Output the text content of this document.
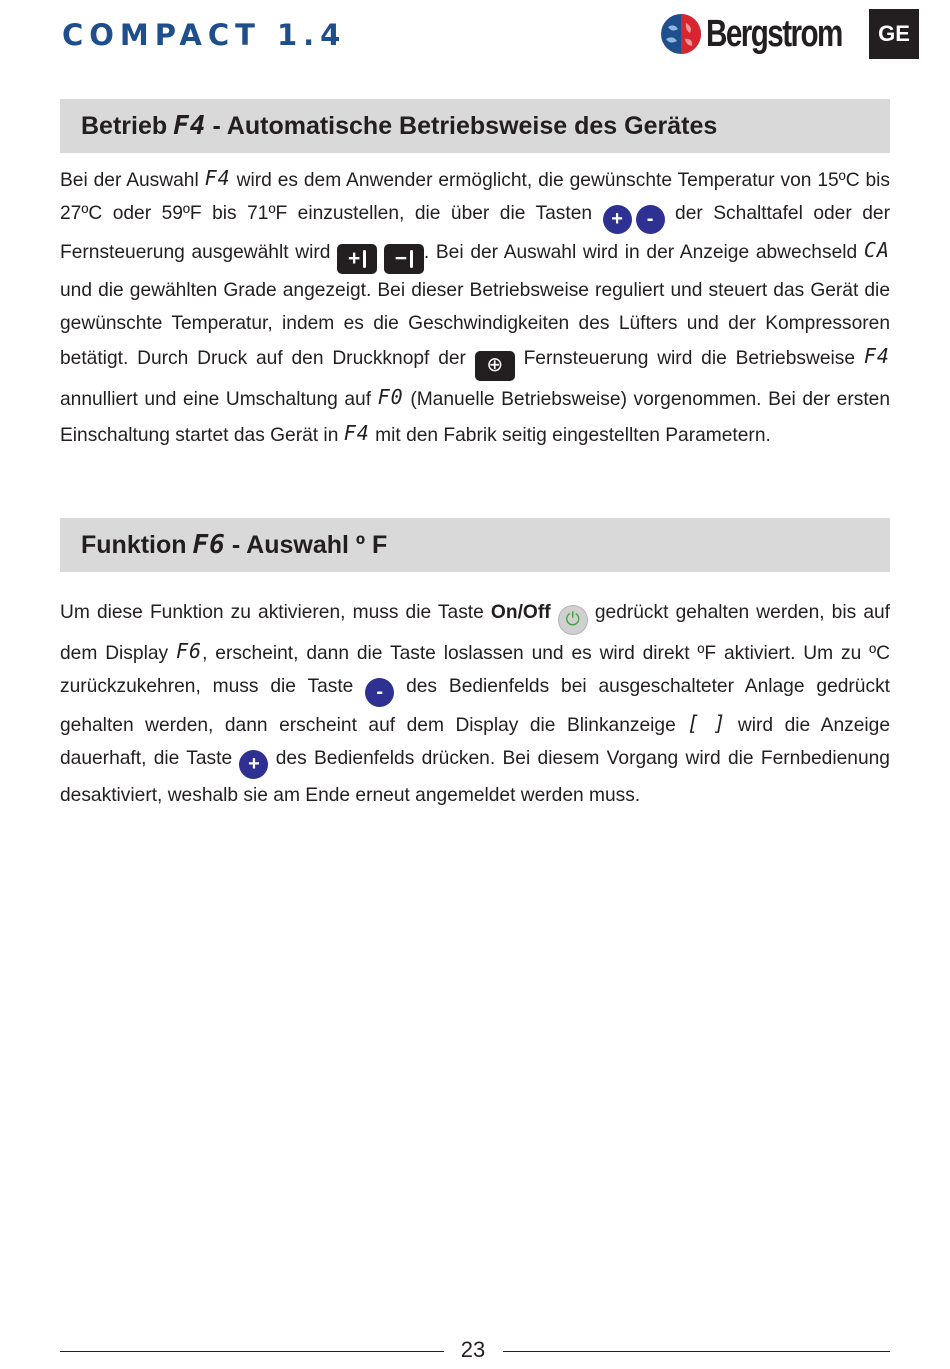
COMPACT 1.4	Bergstrom	GE
Betrieb F4 - Automatische Betriebsweise des Gerätes

Bei der Auswahl F4 wird es dem Anwender ermöglicht, die gewünschte Temperatur von 15ºC bis 27ºC oder 59ºF bis 71ºF einzustellen, die über die Tasten + - der Schalttafel oder der Fernsteuerung ausgewählt wird +
− . Bei der Auswahl wird in der Anzeige abwechseld CA und die gewählten Grade angezeigt. Bei dieser Betriebsweise reguliert und steuert das Gerät die gewünschte Temperatur, indem es die Geschwindigkeiten des Lüfters und der Kompressoren betätigt. Durch Druck auf den Druckknopf der ⊕ Fernsteuerung wird die Betriebsweise F4 annulliert und eine Umschaltung auf F0 (Manuelle Betriebsweise) vorgenommen. Bei der ersten Einschaltung startet das Gerät in F4 mit den Fabrik seitig eingestellten Parametern.

Funktion F6 - Auswahl º F

Um diese Funktion zu aktivieren, muss die Taste On/Off ⏻ gedrückt gehalten werden, bis auf dem Display F6, erscheint, dann die Taste loslassen und es wird direkt ºF aktiviert. Um zu ºC zurückzukehren, muss die Taste - des Bedienfelds bei ausgeschalteter Anlage gedrückt gehalten werden, dann erscheint auf dem Display die Blinkanzeige [ ] wird die Anzeige dauerhaft, die Taste + des Bedienfelds drücken. Bei diesem Vorgang wird die Fernbedienung desaktiviert, weshalb sie am Ende erneut angemeldet werden muss.

23
